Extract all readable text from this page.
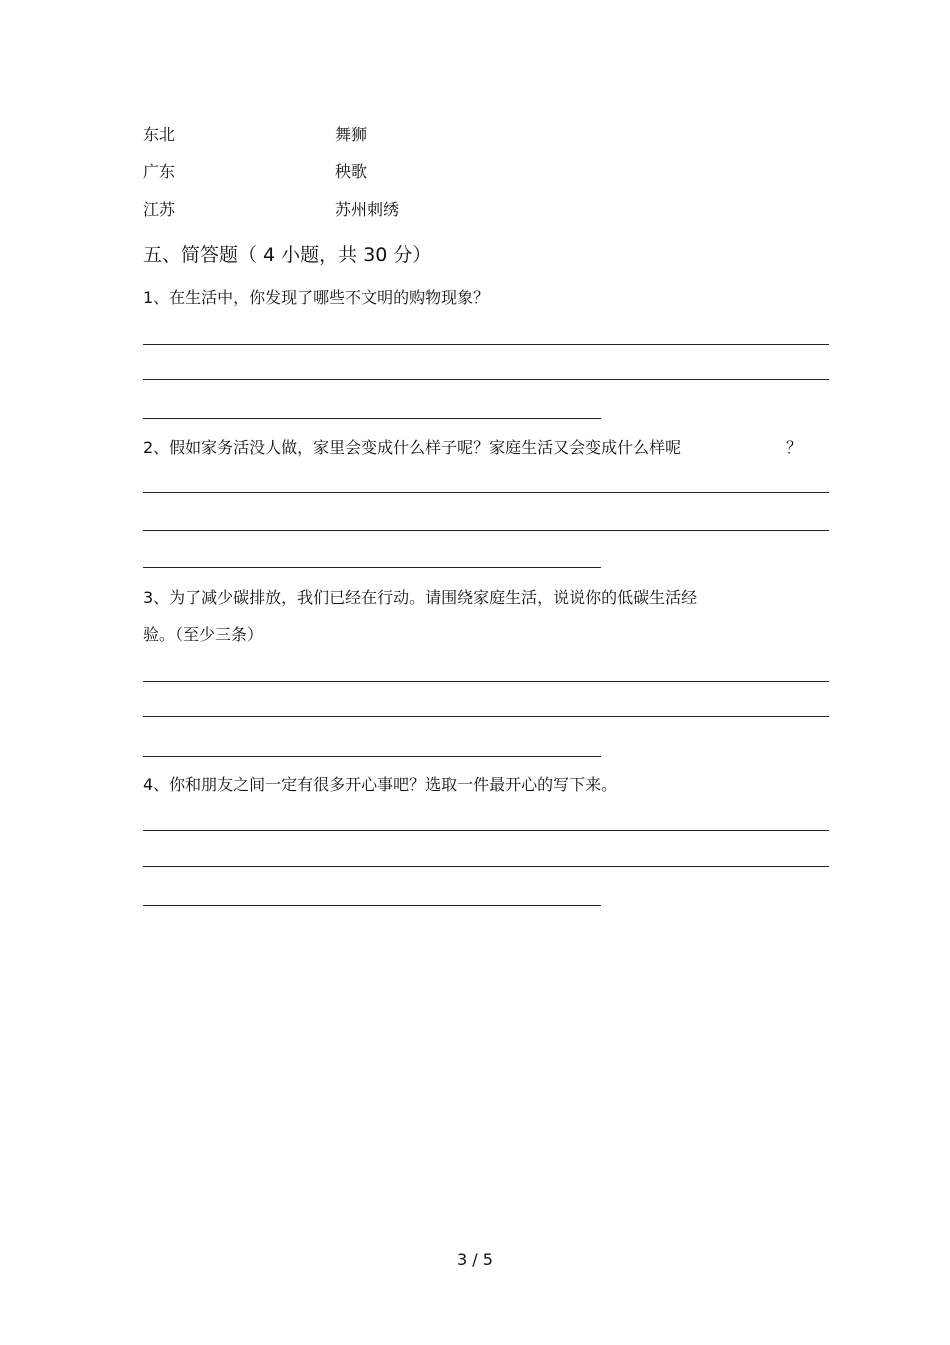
东北	舞狮
广东	秧歌
江苏	苏州刺绣
五、简答题（ 4 小题，共 30 分）
1、在生活中，你发现了哪些不文明的购物现象？
2、假如家务活没人做，家里会变成什么样子呢？家庭生活又会变成什么样呢	？
3、为了减少碳排放，我们已经在行动。请围绕家庭生活，说说你的低碳生活经
验。（至少三条）
4、你和朋友之间一定有很多开心事吧？选取一件最开心的写下来。
3 / 5
